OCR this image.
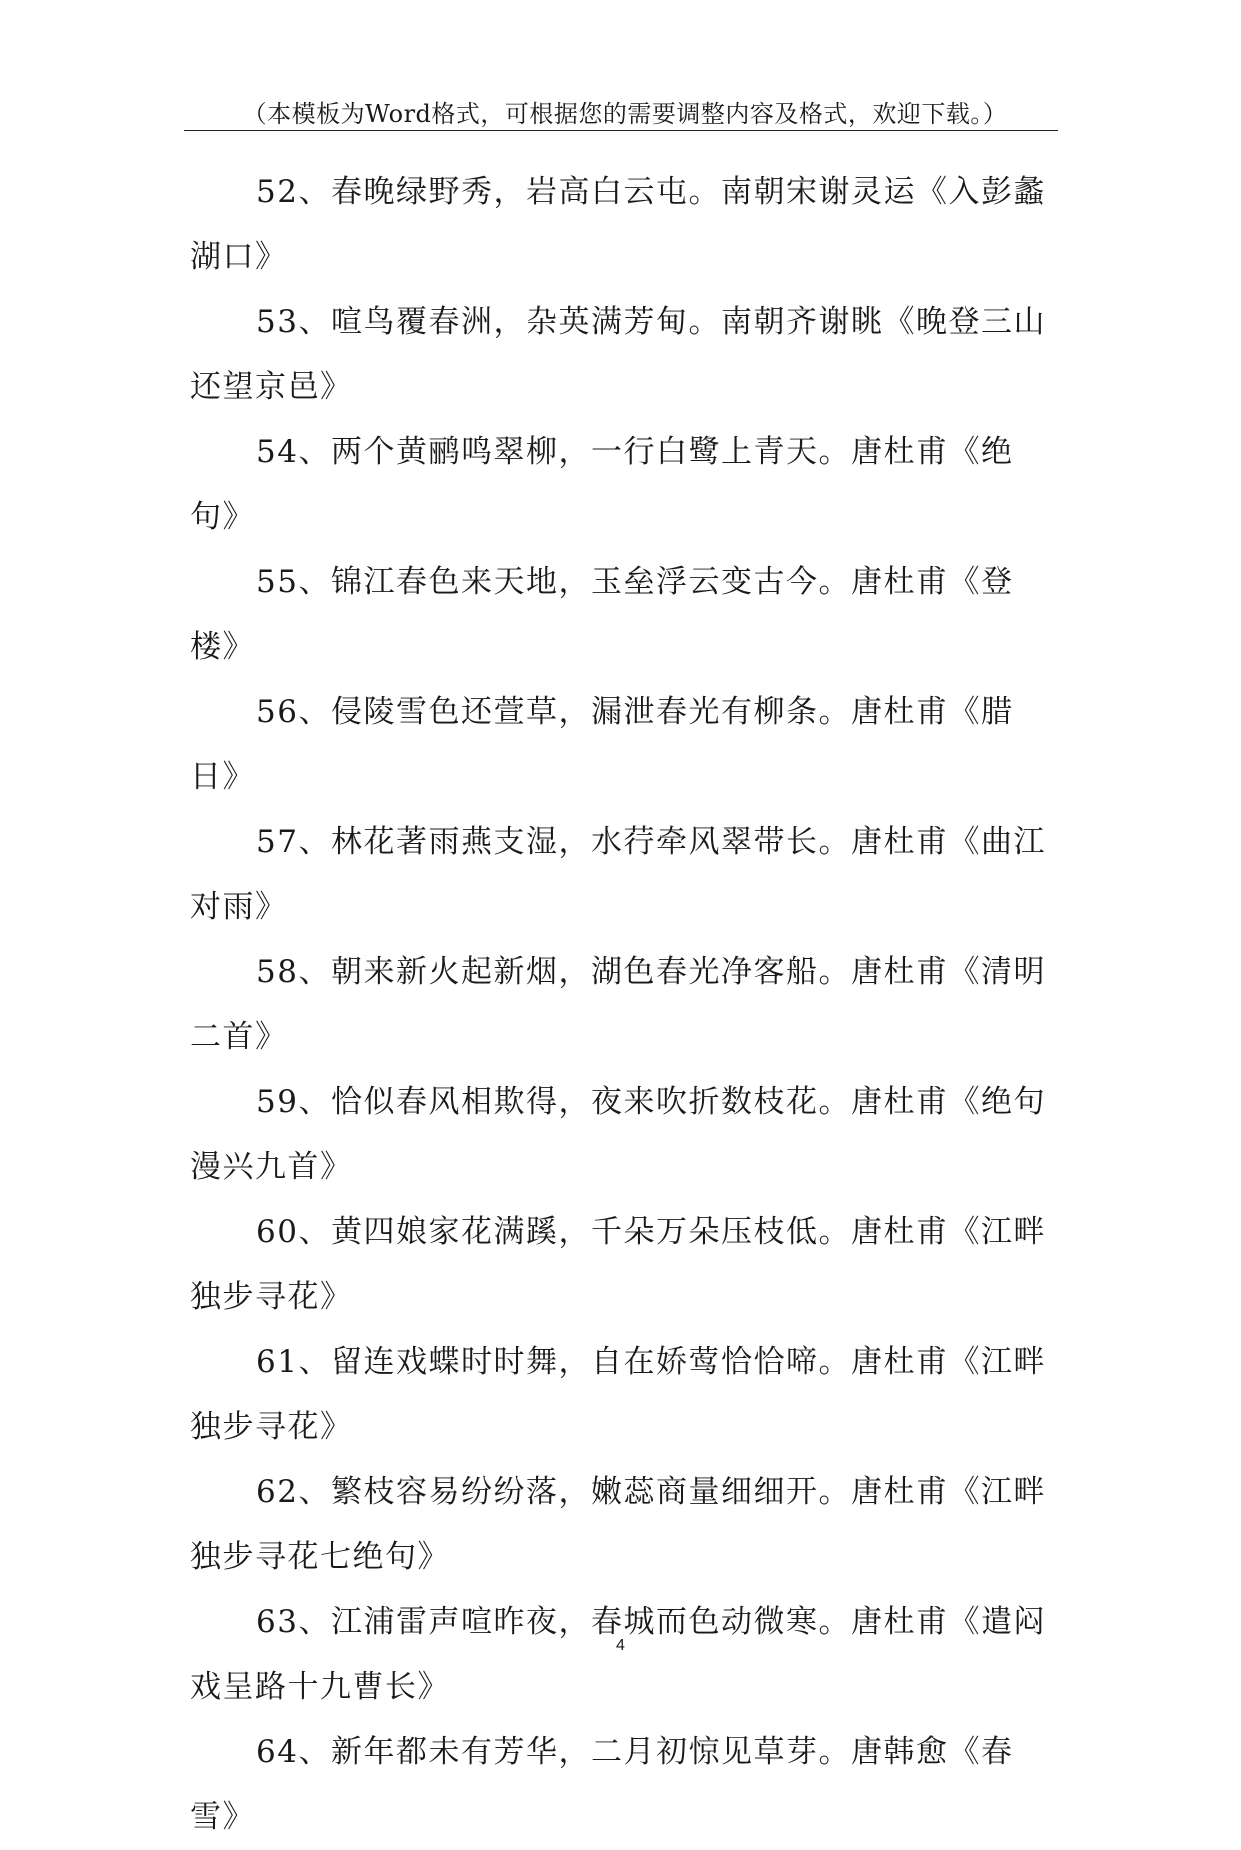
（本模板为Word格式，可根据您的需要调整内容及格式，欢迎下载。）

52、春晚绿野秀，岩高白云屯。南朝宋谢灵运《入彭蠡湖口》

53、喧鸟覆春洲，杂英满芳甸。南朝齐谢眺《晚登三山还望京邑》

54、两个黄鹂鸣翠柳，一行白鹭上青天。唐杜甫《绝句》

55、锦江春色来天地，玉垒浮云变古今。唐杜甫《登楼》

56、侵陵雪色还萱草，漏泄春光有柳条。唐杜甫《腊日》

57、林花著雨燕支湿，水荇牵风翠带长。唐杜甫《曲江对雨》

58、朝来新火起新烟，湖色春光净客船。唐杜甫《清明二首》

59、恰似春风相欺得，夜来吹折数枝花。唐杜甫《绝句漫兴九首》

60、黄四娘家花满蹊，千朵万朵压枝低。唐杜甫《江畔独步寻花》

61、留连戏蝶时时舞，自在娇莺恰恰啼。唐杜甫《江畔独步寻花》

62、繁枝容易纷纷落，嫩蕊商量细细开。唐杜甫《江畔独步寻花七绝句》

63、江浦雷声喧昨夜，春城而色动微寒。唐杜甫《遣闷戏呈路十九曹长》

64、新年都未有芳华，二月初惊见草芽。唐韩愈《春雪》

4
